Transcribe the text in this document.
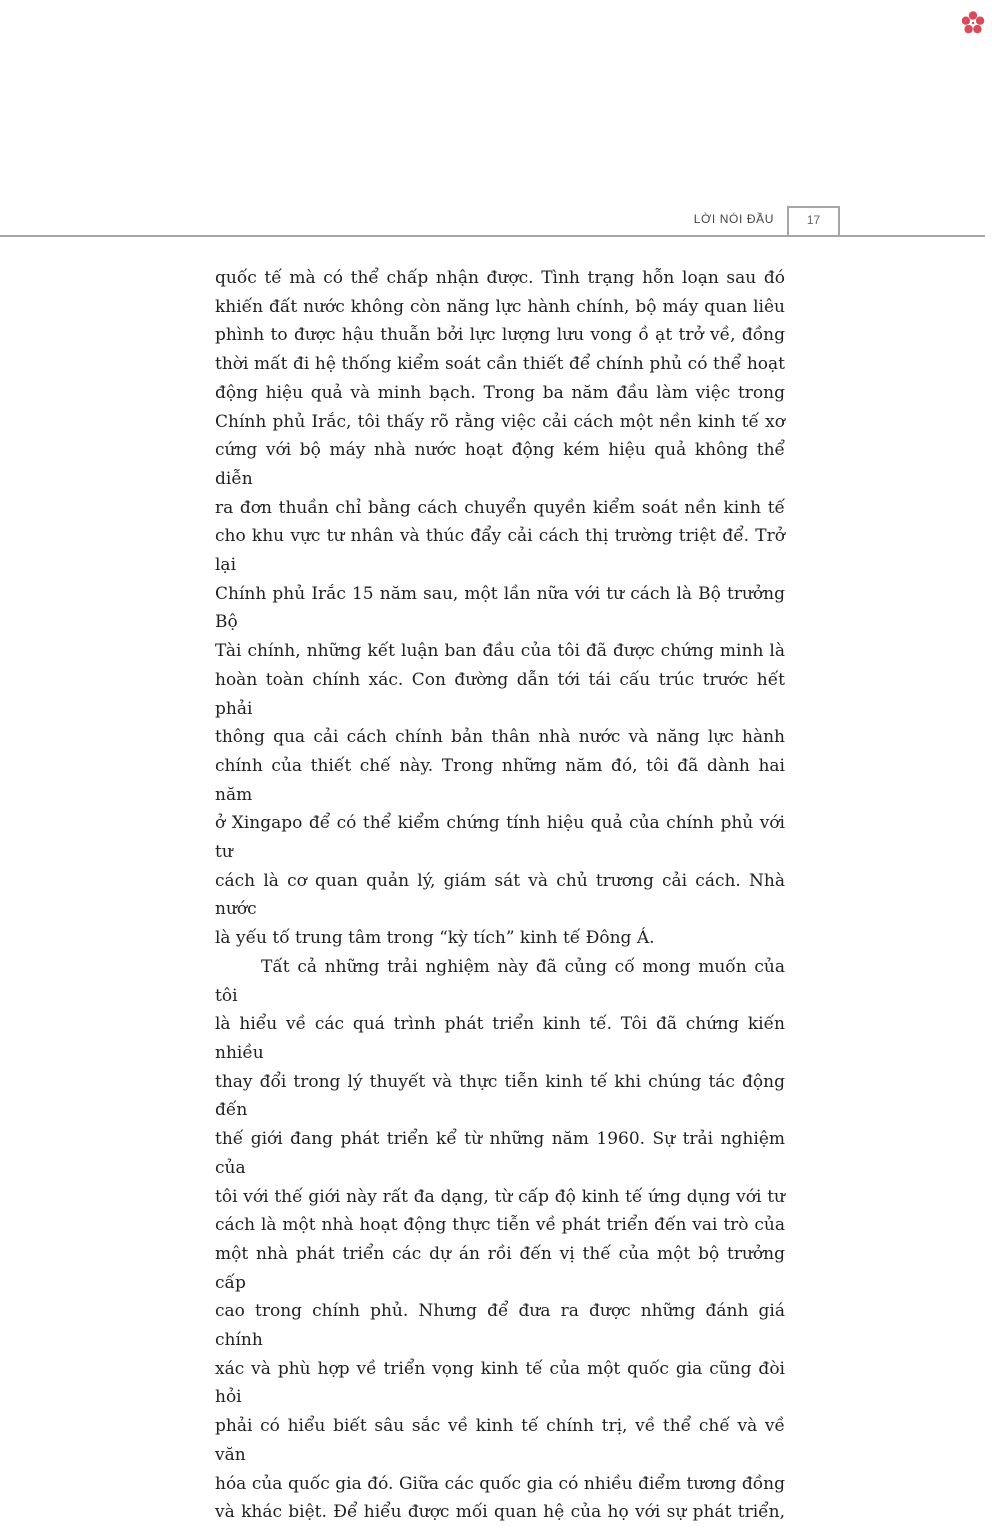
LỜI NÓI ĐẦU	17

quốc tế mà có thể chấp nhận được. Tình trạng hỗn loạn sau đó

khiến đất nước không còn năng lực hành chính, bộ máy quan liêu

phình to được hậu thuẫn bởi lực lượng lưu vong ồ ạt trở về, đồng

thời mất đi hệ thống kiểm soát cần thiết để chính phủ có thể hoạt

động hiệu quả và minh bạch. Trong ba năm đầu làm việc trong

Chính phủ Irắc, tôi thấy rõ rằng việc cải cách một nền kinh tế xơ

cứng với bộ máy nhà nước hoạt động kém hiệu quả không thể diễn

ra đơn thuần chỉ bằng cách chuyển quyền kiểm soát nền kinh tế

cho khu vực tư nhân và thúc đẩy cải cách thị trường triệt để. Trở lại

Chính phủ Irắc 15 năm sau, một lần nữa với tư cách là Bộ trưởng Bộ

Tài chính, những kết luận ban đầu của tôi đã được chứng minh là

hoàn toàn chính xác. Con đường dẫn tới tái cấu trúc trước hết phải

thông qua cải cách chính bản thân nhà nước và năng lực hành

chính của thiết chế này. Trong những năm đó, tôi đã dành hai năm

ở Xingapo để có thể kiểm chứng tính hiệu quả của chính phủ với tư

cách là cơ quan quản lý, giám sát và chủ trương cải cách. Nhà nước

là yếu tố trung tâm trong “kỳ tích” kinh tế Đông Á.

Tất cả những trải nghiệm này đã củng cố mong muốn của tôi

là hiểu về các quá trình phát triển kinh tế. Tôi đã chứng kiến nhiều

thay đổi trong lý thuyết và thực tiễn kinh tế khi chúng tác động đến

thế giới đang phát triển kể từ những năm 1960. Sự trải nghiệm của

tôi với thế giới này rất đa dạng, từ cấp độ kinh tế ứng dụng với tư

cách là một nhà hoạt động thực tiễn về phát triển đến vai trò của

một nhà phát triển các dự án rồi đến vị thế của một bộ trưởng cấp

cao trong chính phủ. Nhưng để đưa ra được những đánh giá chính

xác và phù hợp về triển vọng kinh tế của một quốc gia cũng đòi hỏi

phải có hiểu biết sâu sắc về kinh tế chính trị, về thể chế và về văn

hóa của quốc gia đó. Giữa các quốc gia có nhiều điểm tương đồng

và khác biệt. Để hiểu được mối quan hệ của họ với sự phát triển,
